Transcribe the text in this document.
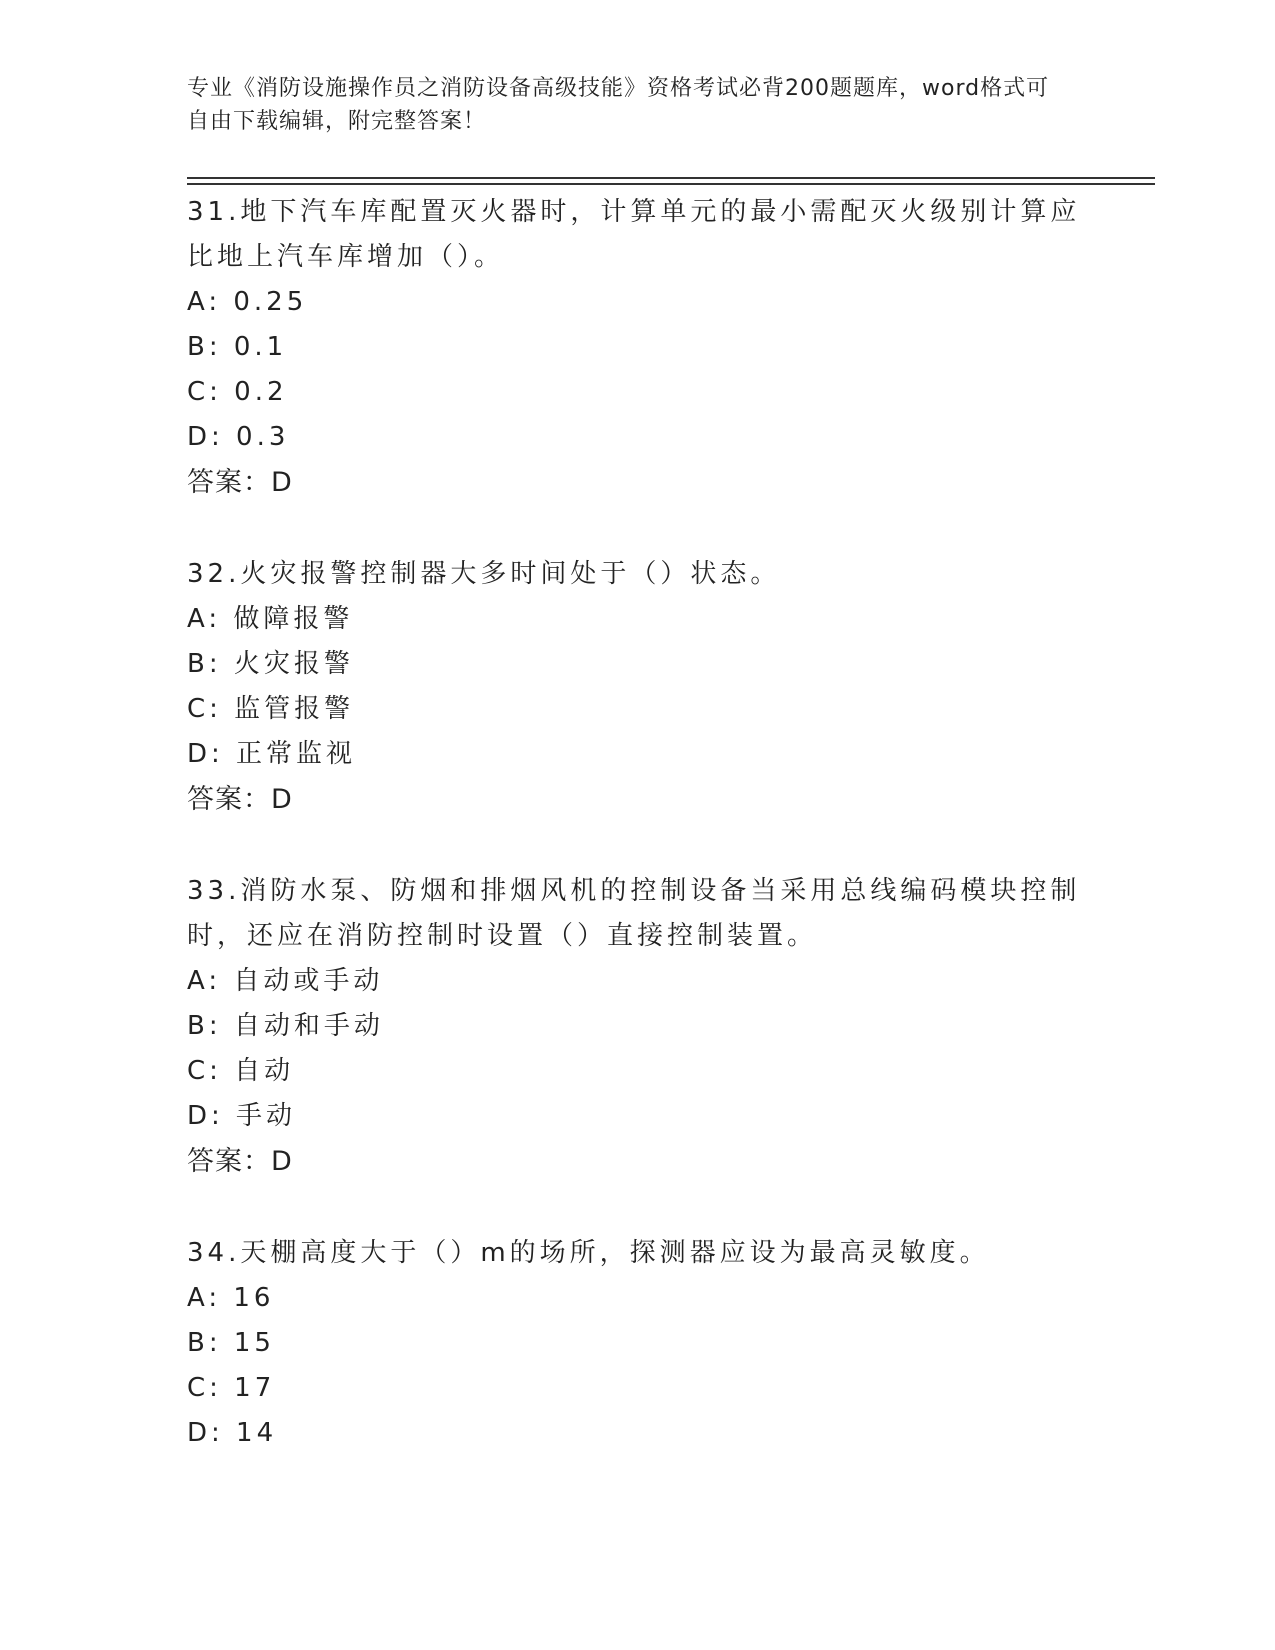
专业《消防设施操作员之消防设备高级技能》资格考试必背200题题库，word格式可自由下载编辑，附完整答案！
31.地下汽车库配置灭火器时，计算单元的最小需配灭火级别计算应比地上汽车库增加（）。
A: 0.25
B: 0.1
C: 0.2
D: 0.3
答案：D
32.火灾报警控制器大多时间处于（）状态。
A: 做障报警
B: 火灾报警
C: 监管报警
D: 正常监视
答案：D
33.消防水泵、防烟和排烟风机的控制设备当采用总线编码模块控制时，还应在消防控制时设置（）直接控制装置。
A: 自动或手动
B: 自动和手动
C: 自动
D: 手动
答案：D
34.天棚高度大于（）m的场所，探测器应设为最高灵敏度。
A: 16
B: 15
C: 17
D: 14
